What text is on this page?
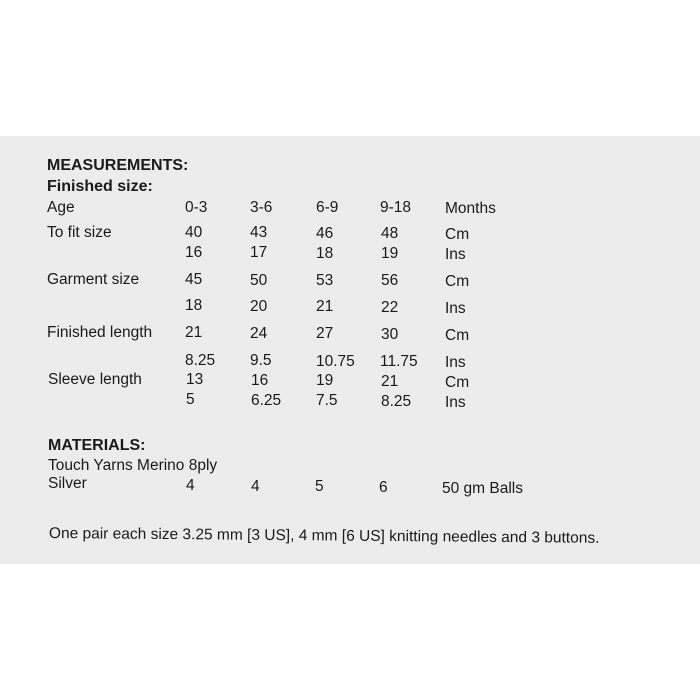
MEASUREMENTS:
Finished size:
Age	0-3	3-6	6-9	9-18 Months
To fit size	40	43	46	48	Cm
16	17	18	19	Ins
Garment size	45	50	53	56	Cm
18	20	21	22	Ins
Finished length 21	24	27	30	Cm
8.25 9.5	10.75 11.75 Ins
Sleeve length	13	16	19	21	Cm
5	6.25 7.5	8.25 Ins
MATERIALS:
Touch Yarns Merino 8ply
Silver	4	4	5	6	50 gm Balls
One pair each size 3.25 mm [3 US], 4 mm [6 US] knitting needles and 3 buttons.
